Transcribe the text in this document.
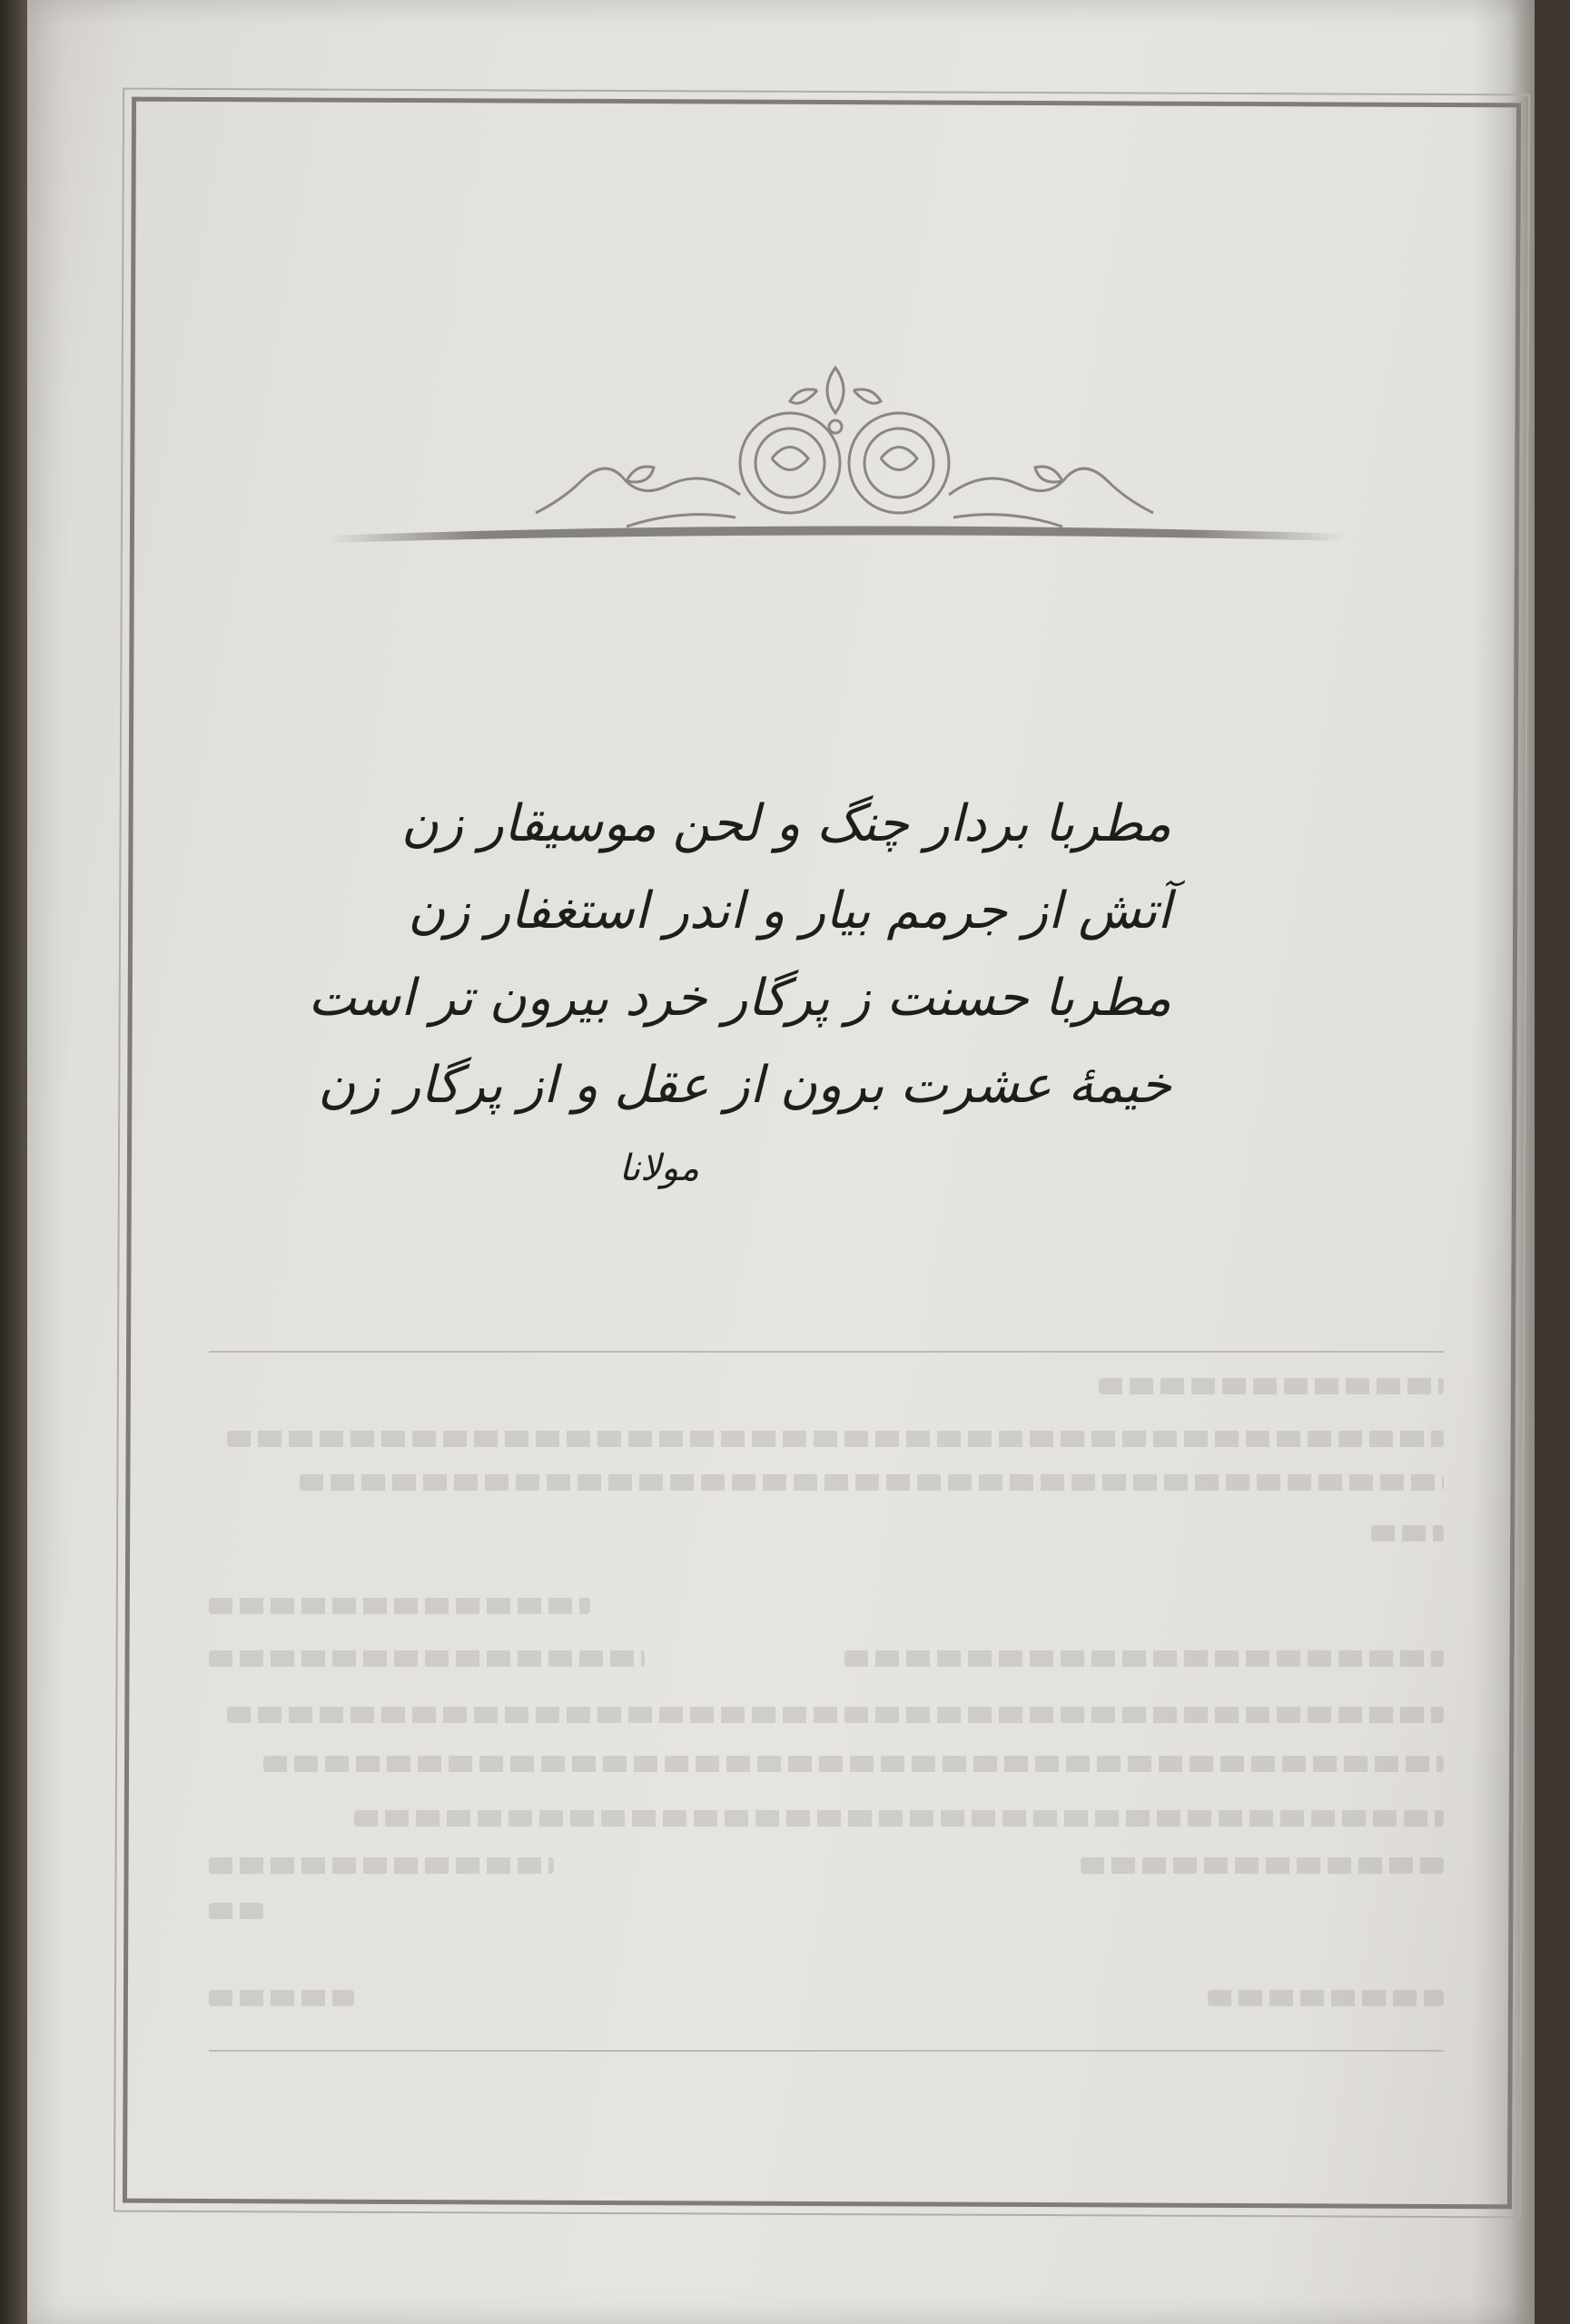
مطربا بردار چنگ و لحن موسیقار زن
آتش از جرمم بیار و اندر استغفار زن
مطربا حسنت ز پرگار خرد بیرون تر است
خیمهٔ عشرت برون از عقل و از پرگار زن
مولانا
